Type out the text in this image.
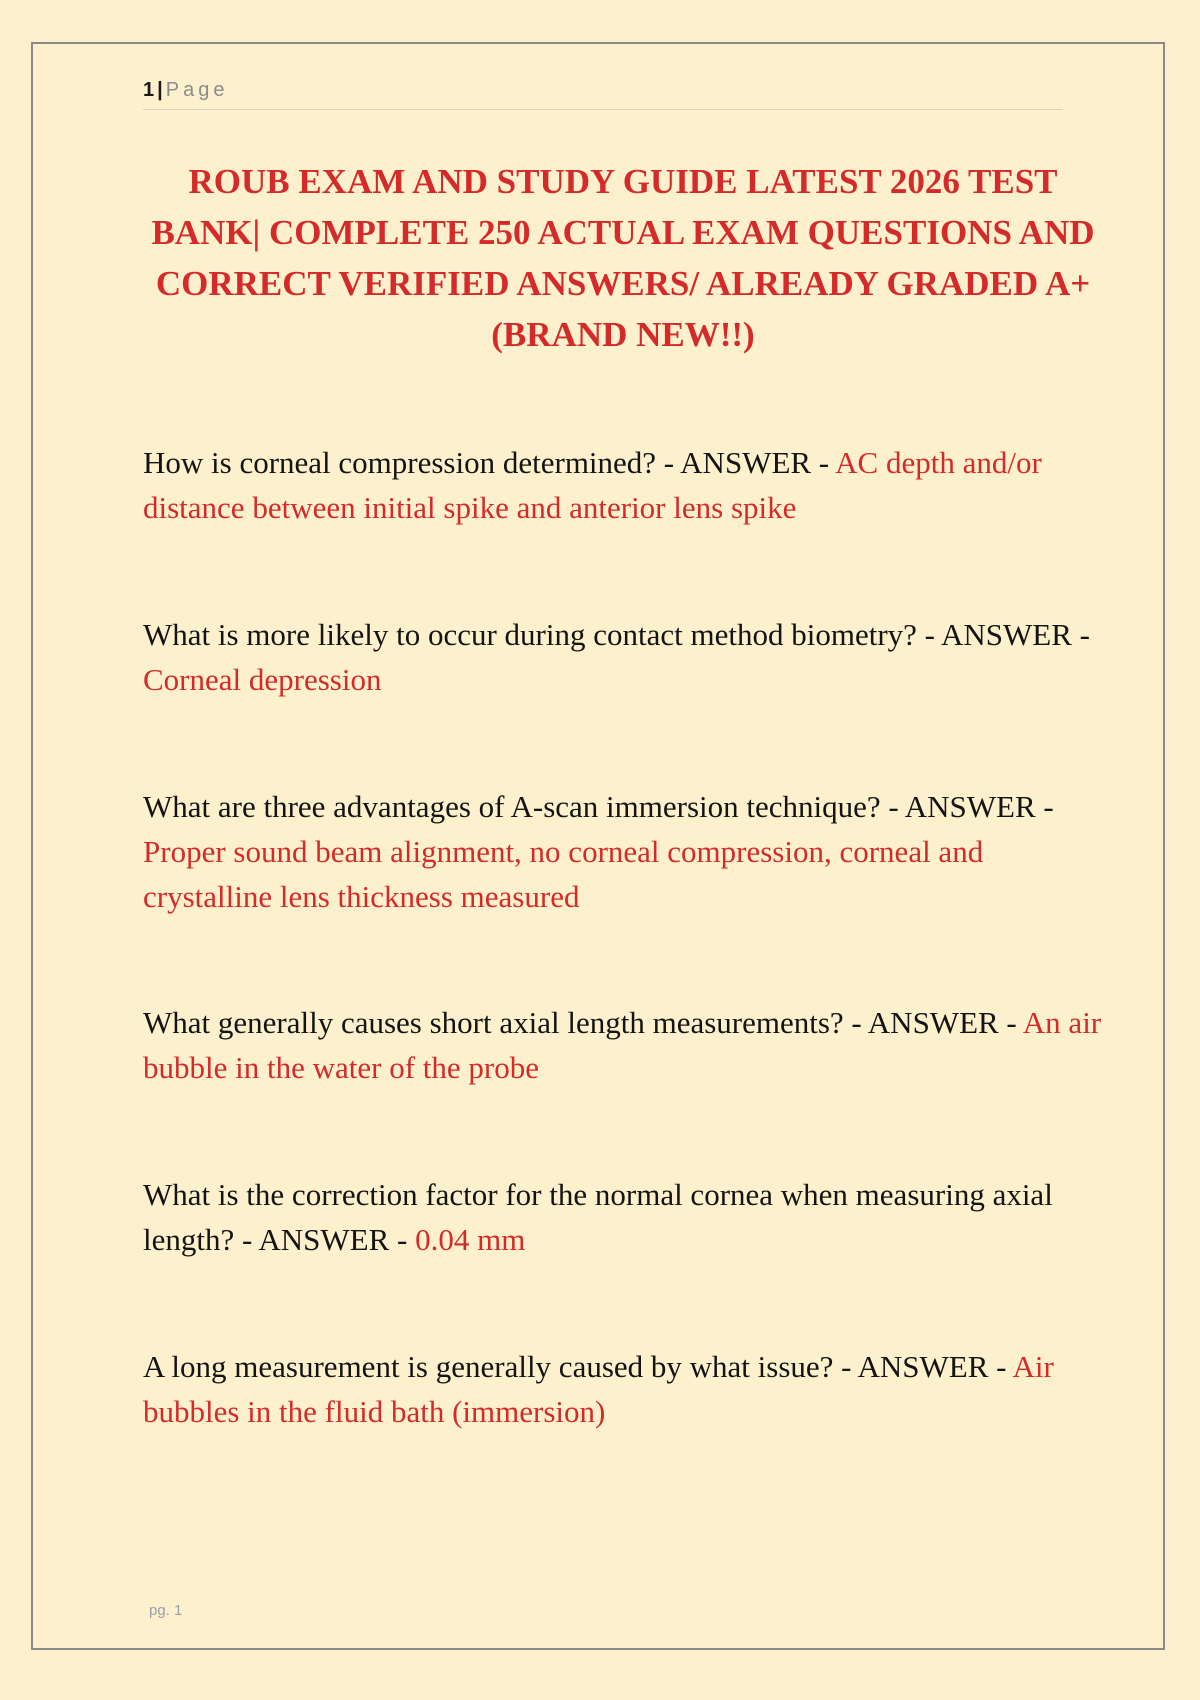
1 | Page
ROUB EXAM AND STUDY GUIDE LATEST 2026 TEST BANK| COMPLETE 250 ACTUAL EXAM QUESTIONS AND CORRECT VERIFIED ANSWERS/ ALREADY GRADED A+ (BRAND NEW!!)

How is corneal compression determined? - ANSWER - AC depth and/or distance between initial spike and anterior lens spike

What is more likely to occur during contact method biometry? - ANSWER - Corneal depression

What are three advantages of A-scan immersion technique? - ANSWER - Proper sound beam alignment, no corneal compression, corneal and crystalline lens thickness measured

What generally causes short axial length measurements? - ANSWER - An air bubble in the water of the probe

What is the correction factor for the normal cornea when measuring axial length? - ANSWER - 0.04 mm

A long measurement is generally caused by what issue? - ANSWER - Air bubbles in the fluid bath (immersion)

pg. 1
